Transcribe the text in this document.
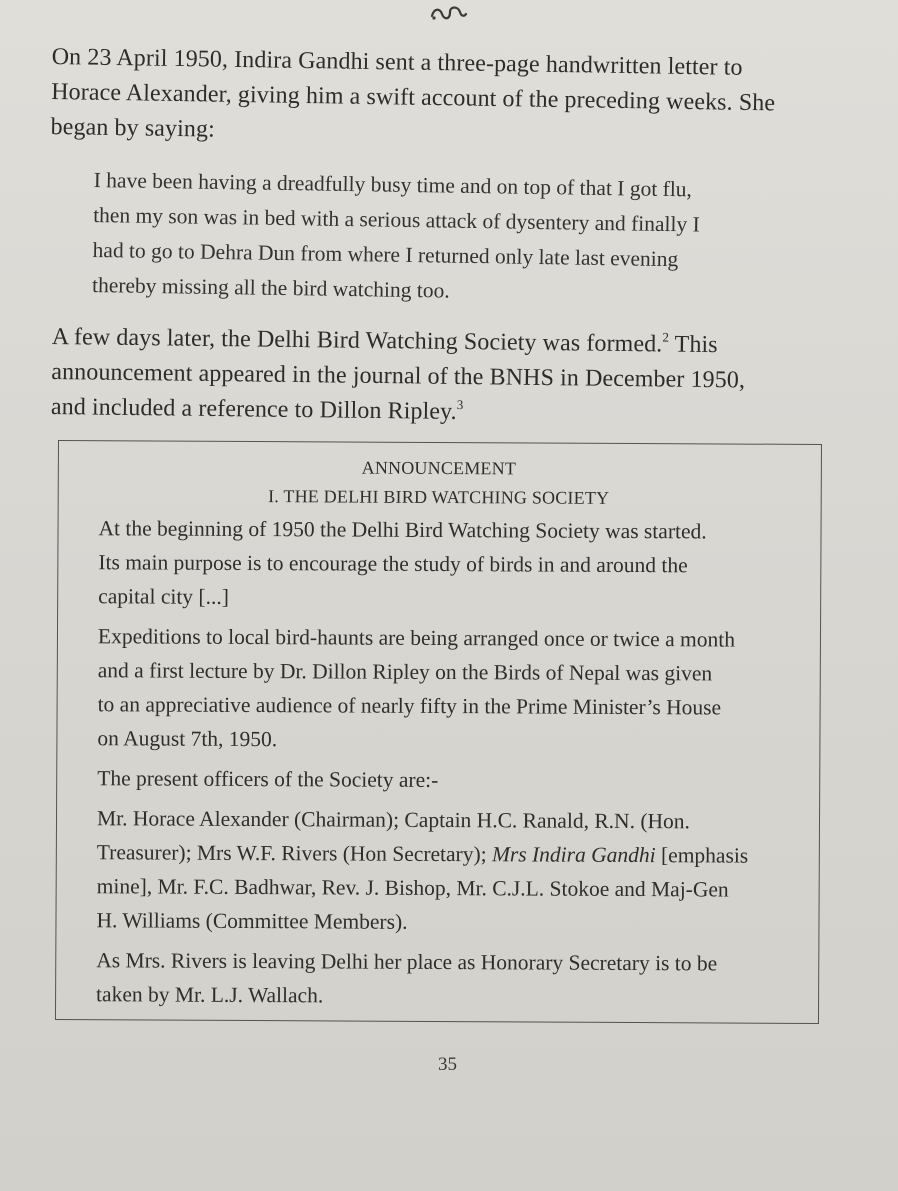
On 23 April 1950, Indira Gandhi sent a three-page handwritten letter to
Horace Alexander, giving him a swift account of the preceding weeks. She
began by saying:
I have been having a dreadfully busy time and on top of that I got flu,
then my son was in bed with a serious attack of dysentery and finally I
had to go to Dehra Dun from where I returned only late last evening
thereby missing all the bird watching too.
A few days later, the Delhi Bird Watching Society was formed.$^2$ This
announcement appeared in the journal of the BNHS in December 1950,
and included a reference to Dillon Ripley.$^3$
ANNOUNCEMENT
I. THE DELHI BIRD WATCHING SOCIETY
At the beginning of 1950 the Delhi Bird Watching Society was started.
Its main purpose is to encourage the study of birds in and around the
capital city [...]
Expeditions to local bird-haunts are being arranged once or twice a month
and a first lecture by Dr. Dillon Ripley on the Birds of Nepal was given
to an appreciative audience of nearly fifty in the Prime Minister’s House
on August 7th, 1950.
The present officers of the Society are:-
Mr. Horace Alexander (Chairman); Captain H.C. Ranald, R.N. (Hon.
Treasurer); Mrs W.F. Rivers (Hon Secretary); Mrs Indira Gandhi [emphasis
mine], Mr. F.C. Badhwar, Rev. J. Bishop, Mr. C.J.L. Stokoe and Maj-Gen
H. Williams (Committee Members).
As Mrs. Rivers is leaving Delhi her place as Honorary Secretary is to be
taken by Mr. L.J. Wallach.
35
